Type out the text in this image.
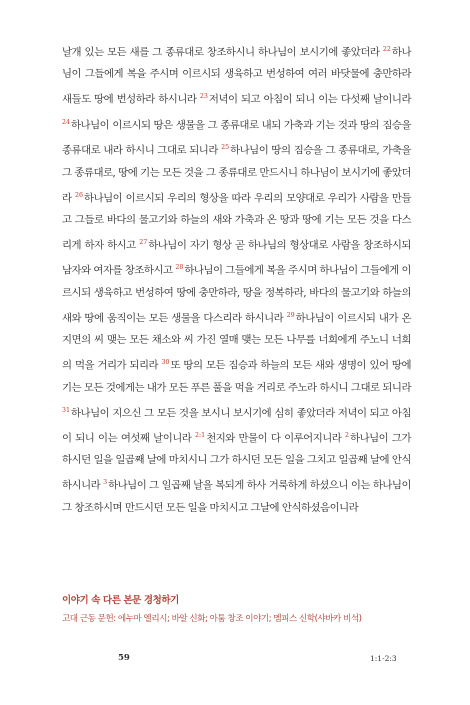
날개 있는 모든 새를 그 종류대로 창조하시니 하나님이 보시기에 좋았더라 $^{22}$하나님이 그들에게 복을 주시며 이르시되 생육하고 번성하여 여러 바닷물에 충만하라 새들도 땅에 번성하라 하시니라 $^{23}$저녁이 되고 아침이 되니 이는 다섯째 날이니라 $^{24}$하나님이 이르시되 땅은 생물을 그 종류대로 내되 가축과 기는 것과 땅의 짐승을 종류대로 내라 하시니 그대로 되니라 $^{25}$하나님이 땅의 짐승을 그 종류대로, 가축을 그 종류대로, 땅에 기는 모든 것을 그 종류대로 만드시니 하나님이 보시기에 좋았더라 $^{26}$하나님이 이르시되 우리의 형상을 따라 우리의 모양대로 우리가 사람을 만들고 그들로 바다의 물고기와 하늘의 새와 가축과 온 땅과 땅에 기는 모든 것을 다스리게 하자 하시고 $^{27}$하나님이 자기 형상 곧 하나님의 형상대로 사람을 창조하시되 남자와 여자를 창조하시고 $^{28}$하나님이 그들에게 복을 주시며 하나님이 그들에게 이르시되 생육하고 번성하여 땅에 충만하라, 땅을 정복하라, 바다의 물고기와 하늘의 새와 땅에 움직이는 모든 생물을 다스리라 하시니라 $^{29}$하나님이 이르시되 내가 온 지면의 씨 맺는 모든 채소와 씨 가진 열매 맺는 모든 나무를 너희에게 주노니 너희의 먹을 거리가 되리라 $^{30}$또 땅의 모든 짐승과 하늘의 모든 새와 생명이 있어 땅에 기는 모든 것에게는 내가 모든 푸른 풀을 먹을 거리로 주노라 하시니 그대로 되니라 $^{31}$하나님이 지으신 그 모든 것을 보시니 보시기에 심히 좋았더라 저녁이 되고 아침이 되니 이는 여섯째 날이니라 $^{2:1}$천지와 만물이 다 이루어지니라 $^2$하나님이 그가 하시던 일을 일곱째 날에 마치시니 그가 하시던 모든 일을 그치고 일곱째 날에 안식하시니라 $^3$하나님이 그 일곱째 날을 복되게 하사 거룩하게 하셨으니 이는 하나님이 그 창조하시며 만드시던 모든 일을 마치시고 그날에 안식하셨음이니라

이야기 속 다른 본문 경청하기
고대 근동 문헌: 에누마 엘리시; 바알 신화; 아툼 창조 이야기; 멤피스 신학(샤바카 비석)
59	1:1-2:3
